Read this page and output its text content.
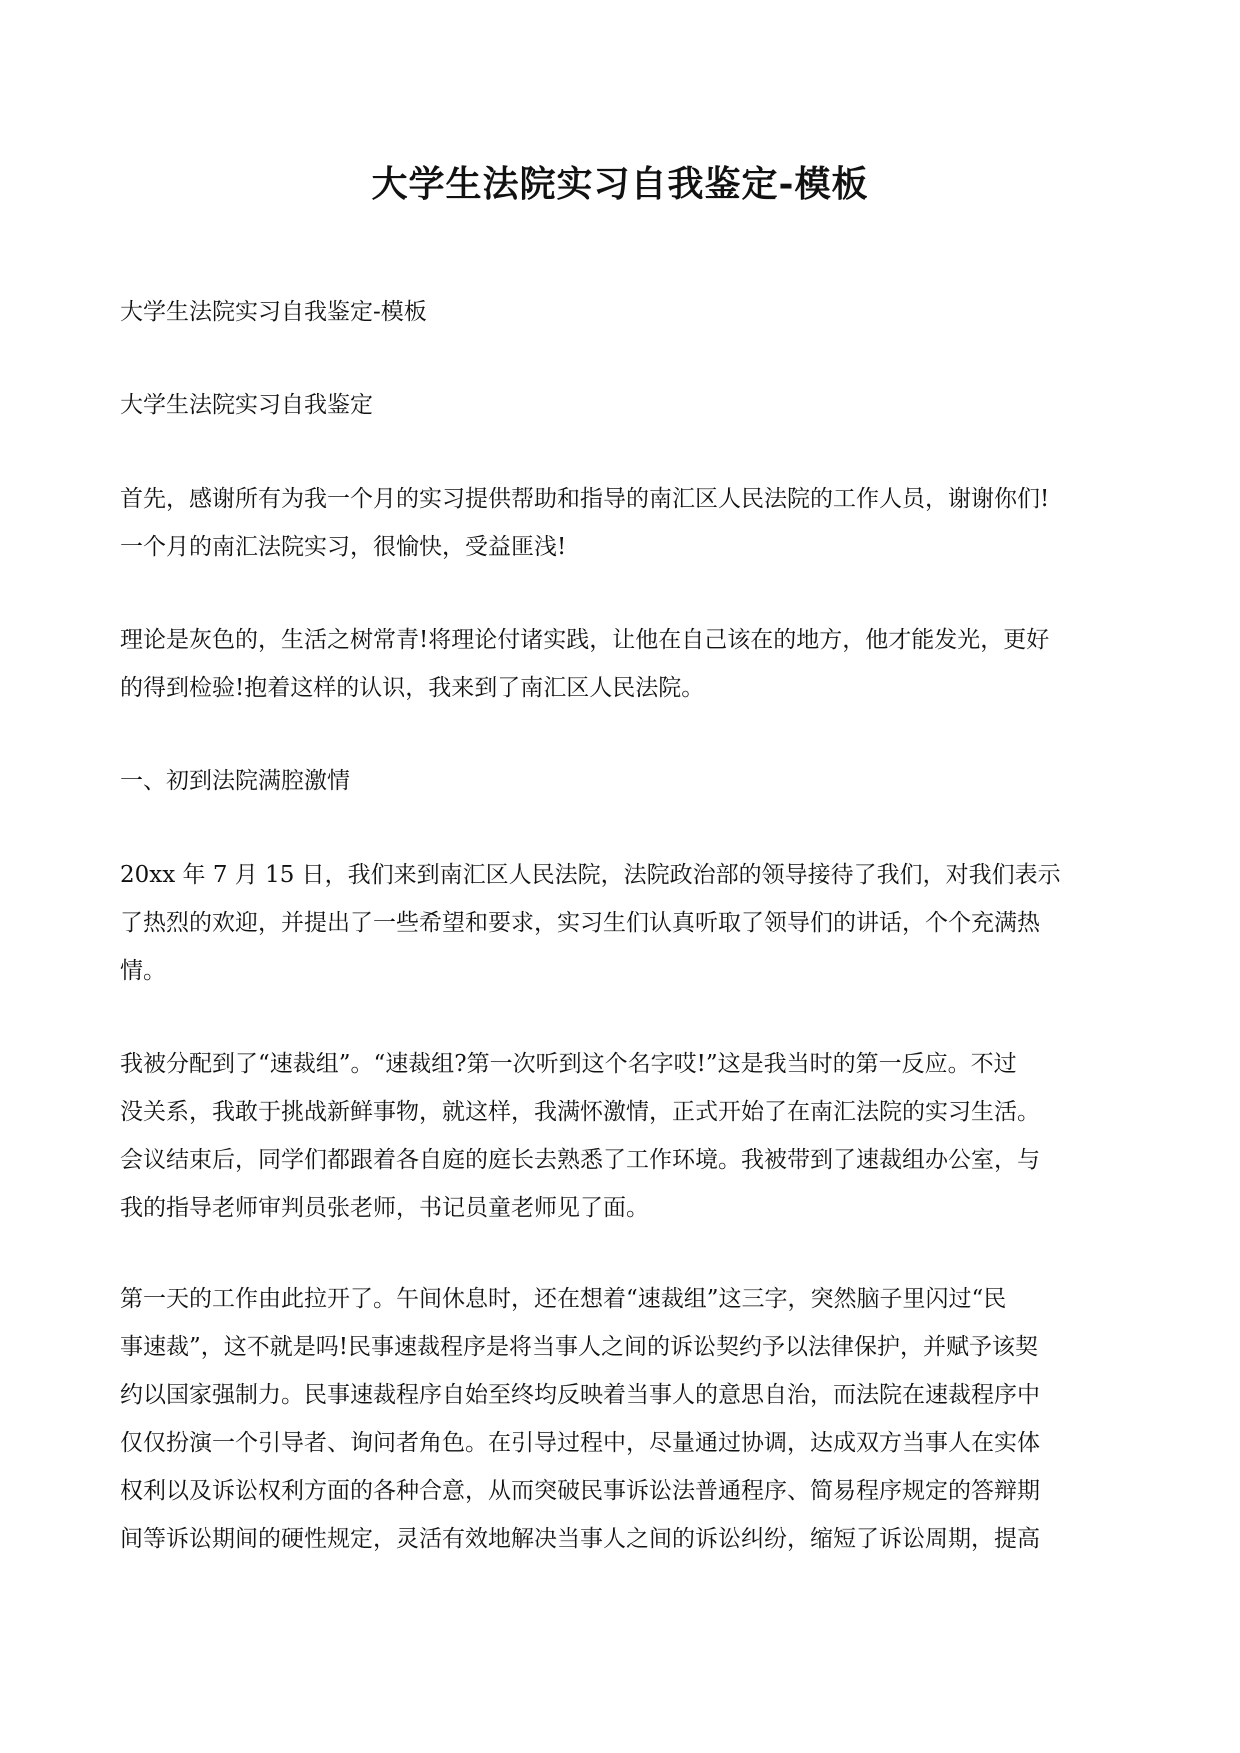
大学生法院实习自我鉴定-模板

大学生法院实习自我鉴定-模板

大学生法院实习自我鉴定

首先，感谢所有为我一个月的实习提供帮助和指导的南汇区人民法院的工作人员，谢谢你们!
一个月的南汇法院实习，很愉快，受益匪浅!

理论是灰色的，生活之树常青!将理论付诸实践，让他在自己该在的地方，他才能发光，更好
的得到检验!抱着这样的认识，我来到了南汇区人民法院。

一、初到法院满腔激情

20xx 年 7 月 15 日，我们来到南汇区人民法院，法院政治部的领导接待了我们，对我们表示
了热烈的欢迎，并提出了一些希望和要求，实习生们认真听取了领导们的讲话，个个充满热
情。

我被分配到了“速裁组”。“速裁组?第一次听到这个名字哎!”这是我当时的第一反应。不过
没关系，我敢于挑战新鲜事物，就这样，我满怀激情，正式开始了在南汇法院的实习生活。
会议结束后，同学们都跟着各自庭的庭长去熟悉了工作环境。我被带到了速裁组办公室，与
我的指导老师审判员张老师，书记员童老师见了面。

第一天的工作由此拉开了。午间休息时，还在想着“速裁组”这三字，突然脑子里闪过“民
事速裁”，这不就是吗!民事速裁程序是将当事人之间的诉讼契约予以法律保护，并赋予该契
约以国家强制力。民事速裁程序自始至终均反映着当事人的意思自治，而法院在速裁程序中
仅仅扮演一个引导者、询问者角色。在引导过程中，尽量通过协调，达成双方当事人在实体
权利以及诉讼权利方面的各种合意，从而突破民事诉讼法普通程序、简易程序规定的答辩期
间等诉讼期间的硬性规定，灵活有效地解决当事人之间的诉讼纠纷，缩短了诉讼周期，提高
